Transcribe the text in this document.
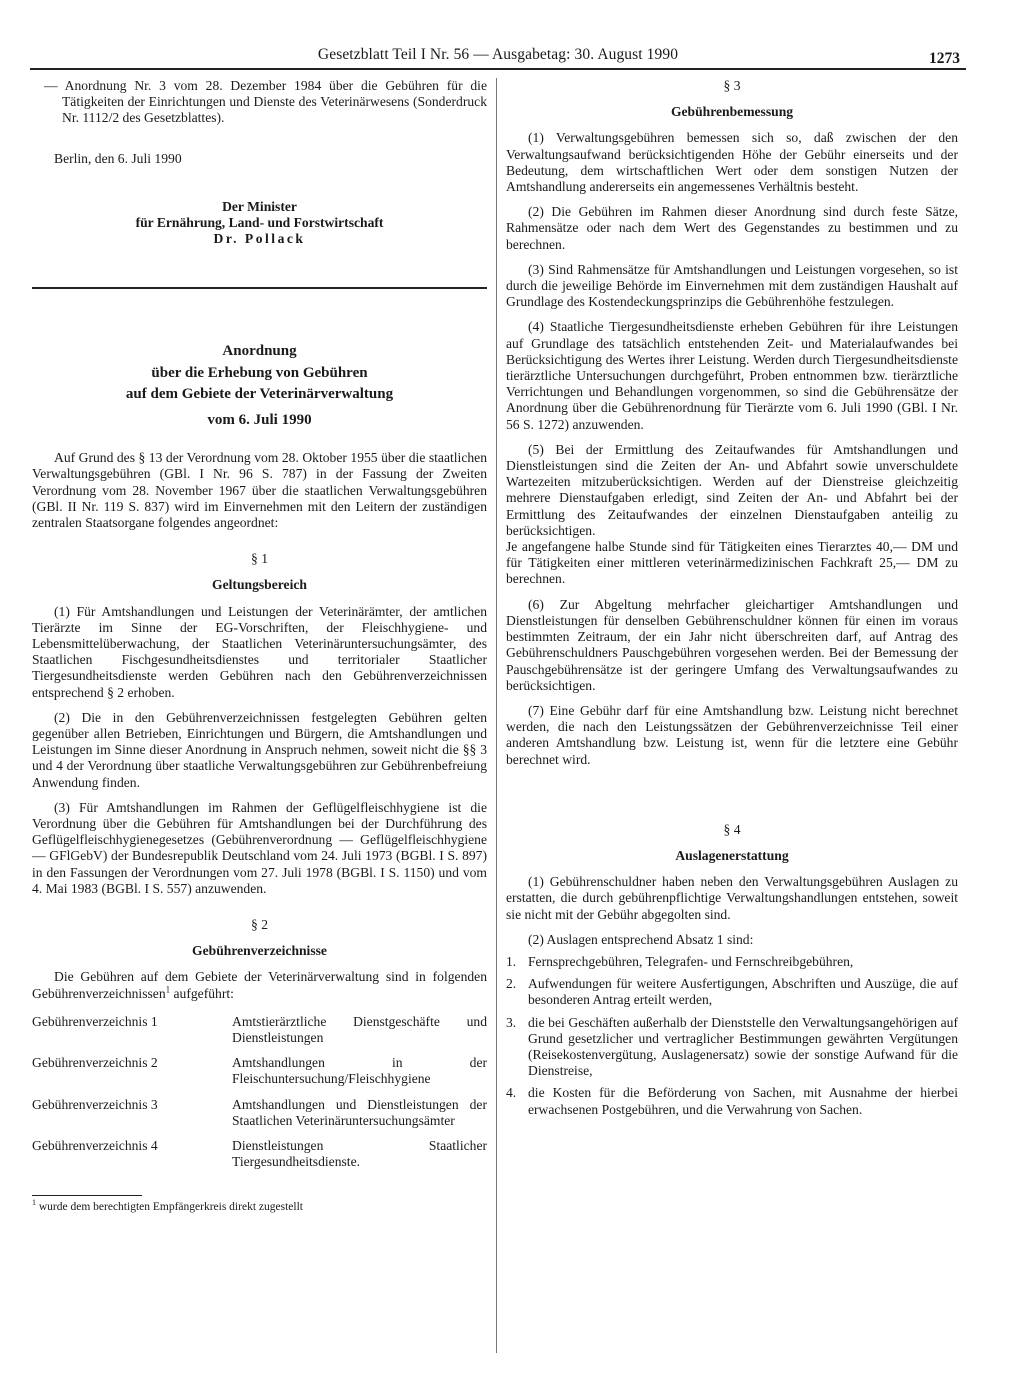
Gesetzblatt Teil I Nr. 56 — Ausgabetag: 30. August 1990	1273

— Anordnung Nr. 3 vom 28. Dezember 1984 über die Gebühren für die Tätigkeiten der Einrichtungen und Dienste des Veterinärwesens (Sonderdruck Nr. 1112/2 des Gesetzblattes).

Berlin, den 6. Juli 1990

Der Minister
für Ernährung, Land- und Forstwirtschaft
Dr. Pollack
Anordnung
über die Erhebung von Gebühren
auf dem Gebiete der Veterinärverwaltung
vom 6. Juli 1990

Auf Grund des § 13 der Verordnung vom 28. Oktober 1955 über die staatlichen Verwaltungsgebühren (GBl. I Nr. 96 S. 787) in der Fassung der Zweiten Verordnung vom 28. November 1967 über die staatlichen Verwaltungsgebühren (GBl. II Nr. 119 S. 837) wird im Einvernehmen mit den Leitern der zuständigen zentralen Staatsorgane folgendes angeordnet:

§ 1
Geltungsbereich

(1) Für Amtshandlungen und Leistungen der Veterinärämter, der amtlichen Tierärzte im Sinne der EG-Vorschriften, der Fleischhygiene- und Lebensmittelüberwachung, der Staatlichen Veterinäruntersuchungsämter, des Staatlichen Fischgesundheitsdienstes und territorialer Staatlicher Tiergesundheitsdienste werden Gebühren nach den Gebührenverzeichnissen entsprechend § 2 erhoben.

(2) Die in den Gebührenverzeichnissen festgelegten Gebühren gelten gegenüber allen Betrieben, Einrichtungen und Bürgern, die Amtshandlungen und Leistungen im Sinne dieser Anordnung in Anspruch nehmen, soweit nicht die §§ 3 und 4 der Verordnung über staatliche Verwaltungsgebühren zur Gebührenbefreiung Anwendung finden.

(3) Für Amtshandlungen im Rahmen der Geflügelfleischhygiene ist die Verordnung über die Gebühren für Amtshandlungen bei der Durchführung des Geflügelfleischhygienegesetzes (Gebührenverordnung — Geflügelfleischhygiene — GFlGebV) der Bundesrepublik Deutschland vom 24. Juli 1973 (BGBl. I S. 897) in den Fassungen der Verordnungen vom 27. Juli 1978 (BGBl. I S. 1150) und vom 4. Mai 1983 (BGBl. I S. 557) anzuwenden.

§ 2
Gebührenverzeichnisse

Die Gebühren auf dem Gebiete der Veterinärverwaltung sind in folgenden Gebührenverzeichnissen$^1$ aufgeführt:

Gebührenverzeichnis 1	Amtstierärztliche Dienstgeschäfte und Dienstleistungen
Gebührenverzeichnis 2	Amtshandlungen in der Fleischuntersuchung/Fleischhygiene
Gebührenverzeichnis 3	Amtshandlungen und Dienstleistungen der Staatlichen Veterinäruntersuchungsämter
Gebührenverzeichnis 4	Dienstleistungen Staatlicher Tiergesundheitsdienste.

$^1$ wurde dem berechtigten Empfängerkreis direkt zugestellt

§ 3
Gebührenbemessung

(1) Verwaltungsgebühren bemessen sich so, daß zwischen der den Verwaltungsaufwand berücksichtigenden Höhe der Gebühr einerseits und der Bedeutung, dem wirtschaftlichen Wert oder dem sonstigen Nutzen der Amtshandlung andererseits ein angemessenes Verhältnis besteht.

(2) Die Gebühren im Rahmen dieser Anordnung sind durch feste Sätze, Rahmensätze oder nach dem Wert des Gegenstandes zu bestimmen und zu berechnen.

(3) Sind Rahmensätze für Amtshandlungen und Leistungen vorgesehen, so ist durch die jeweilige Behörde im Einvernehmen mit dem zuständigen Haushalt auf Grundlage des Kostendeckungsprinzips die Gebührenhöhe festzulegen.

(4) Staatliche Tiergesundheitsdienste erheben Gebühren für ihre Leistungen auf Grundlage des tatsächlich entstehenden Zeit- und Materialaufwandes bei Berücksichtigung des Wertes ihrer Leistung. Werden durch Tiergesundheitsdienste tierärztliche Untersuchungen durchgeführt, Proben entnommen bzw. tierärztliche Verrichtungen und Behandlungen vorgenommen, so sind die Gebührensätze der Anordnung über die Gebührenordnung für Tierärzte vom 6. Juli 1990 (GBl. I Nr. 56 S. 1272) anzuwenden.

(5) Bei der Ermittlung des Zeitaufwandes für Amtshandlungen und Dienstleistungen sind die Zeiten der An- und Abfahrt sowie unverschuldete Wartezeiten mitzuberücksichtigen. Werden auf der Dienstreise gleichzeitig mehrere Dienstaufgaben erledigt, sind Zeiten der An- und Abfahrt bei der Ermittlung des Zeitaufwandes der einzelnen Dienstaufgaben anteilig zu berücksichtigen.

Je angefangene halbe Stunde sind für Tätigkeiten eines Tierarztes 40,— DM und für Tätigkeiten einer mittleren veterinärmedizinischen Fachkraft 25,— DM zu berechnen.

(6) Zur Abgeltung mehrfacher gleichartiger Amtshandlungen und Dienstleistungen für denselben Gebührenschuldner können für einen im voraus bestimmten Zeitraum, der ein Jahr nicht überschreiten darf, auf Antrag des Gebührenschuldners Pauschgebühren vorgesehen werden. Bei der Bemessung der Pauschgebührensätze ist der geringere Umfang des Verwaltungsaufwandes zu berücksichtigen.

(7) Eine Gebühr darf für eine Amtshandlung bzw. Leistung nicht berechnet werden, die nach den Leistungssätzen der Gebührenverzeichnisse Teil einer anderen Amtshandlung bzw. Leistung ist, wenn für die letztere eine Gebühr berechnet wird.

§ 4
Auslagenerstattung

(1) Gebührenschuldner haben neben den Verwaltungsgebühren Auslagen zu erstatten, die durch gebührenpflichtige Verwaltungshandlungen entstehen, soweit sie nicht mit der Gebühr abgegolten sind.

(2) Auslagen entsprechend Absatz 1 sind:

1. Fernsprechgebühren, Telegrafen- und Fernschreibgebühren,
2. Aufwendungen für weitere Ausfertigungen, Abschriften und Auszüge, die auf besonderen Antrag erteilt werden,
3. die bei Geschäften außerhalb der Dienststelle den Verwaltungsangehörigen auf Grund gesetzlicher und vertraglicher Bestimmungen gewährten Vergütungen (Reisekostenvergütung, Auslagenersatz) sowie der sonstige Aufwand für die Dienstreise,
4. die Kosten für die Beförderung von Sachen, mit Ausnahme der hierbei erwachsenen Postgebühren, und die Verwahrung von Sachen.
